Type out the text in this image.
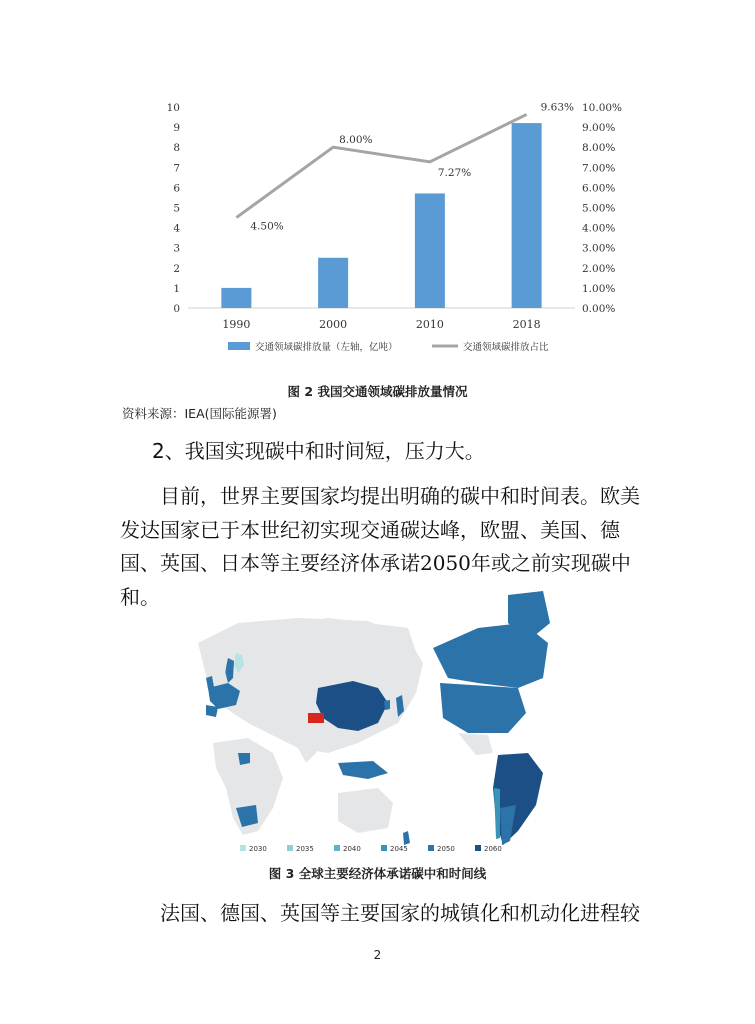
0
1
2
3
4
5
6
7
8
9
10
0.00%
1.00%
2.00%
3.00%
4.00%
5.00%
6.00%
7.00%
8.00%
9.00%
10.00%
1990	2000	2010	2018
4.50%
8.00%
7.27%
9.63%
交通领域碳排放量（左轴，亿吨）	交通领域碳排放占比
图 2 我国交通领域碳排放量情况
资料来源：IEA(国际能源署)
2、我国实现碳中和时间短，压力大。
目前，世界主要国家均提出明确的碳中和时间表。欧美发达国家已于本世纪初实现交通碳达峰，欧盟、美国、德国、英国、日本等主要经济体承诺2050年或之前实现碳中和。
2030	2035	2040	2045	2050	2060
图 3 全球主要经济体承诺碳中和时间线
法国、德国、英国等主要国家的城镇化和机动化进程较
2
